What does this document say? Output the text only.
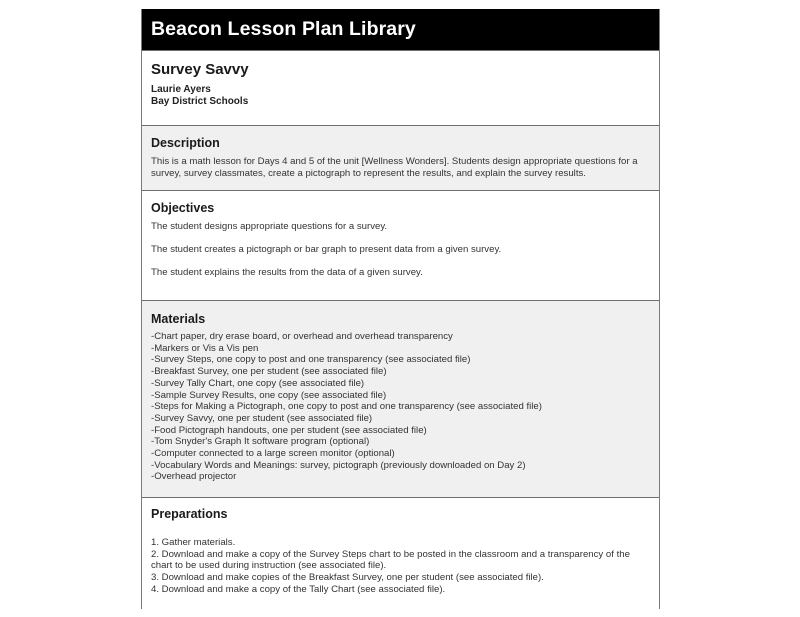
Beacon Lesson Plan Library
Survey Savvy
Laurie Ayers
Bay District Schools
Description
This is a math lesson for Days 4 and 5 of the unit [Wellness Wonders]. Students design appropriate questions for a survey, survey classmates, create a pictograph to represent the results, and explain the survey results.
Objectives
The student designs appropriate questions for a survey.
The student creates a pictograph or bar graph to present data from a given survey.
The student explains the results from the data of a given survey.
Materials
-Chart paper, dry erase board, or overhead and overhead transparency
-Markers or Vis a Vis pen
-Survey Steps, one copy to post and one transparency (see associated file)
-Breakfast Survey, one per student (see associated file)
-Survey Tally Chart, one copy (see associated file)
-Sample Survey Results, one copy (see associated file)
-Steps for Making a Pictograph, one copy to post and one transparency (see associated file)
-Survey Savvy, one per student (see associated file)
-Food Pictograph handouts, one per student (see associated file)
-Tom Snyder's Graph It software program (optional)
-Computer connected to a large screen monitor (optional)
-Vocabulary Words and Meanings: survey, pictograph (previously downloaded on Day 2)
-Overhead projector
Preparations
1. Gather materials.
2. Download and make a copy of the Survey Steps chart to be posted in the classroom and a transparency of the chart to be used during instruction (see associated file).
3. Download and make copies of the Breakfast Survey, one per student (see associated file).
4. Download and make a copy of the Tally Chart (see associated file).
